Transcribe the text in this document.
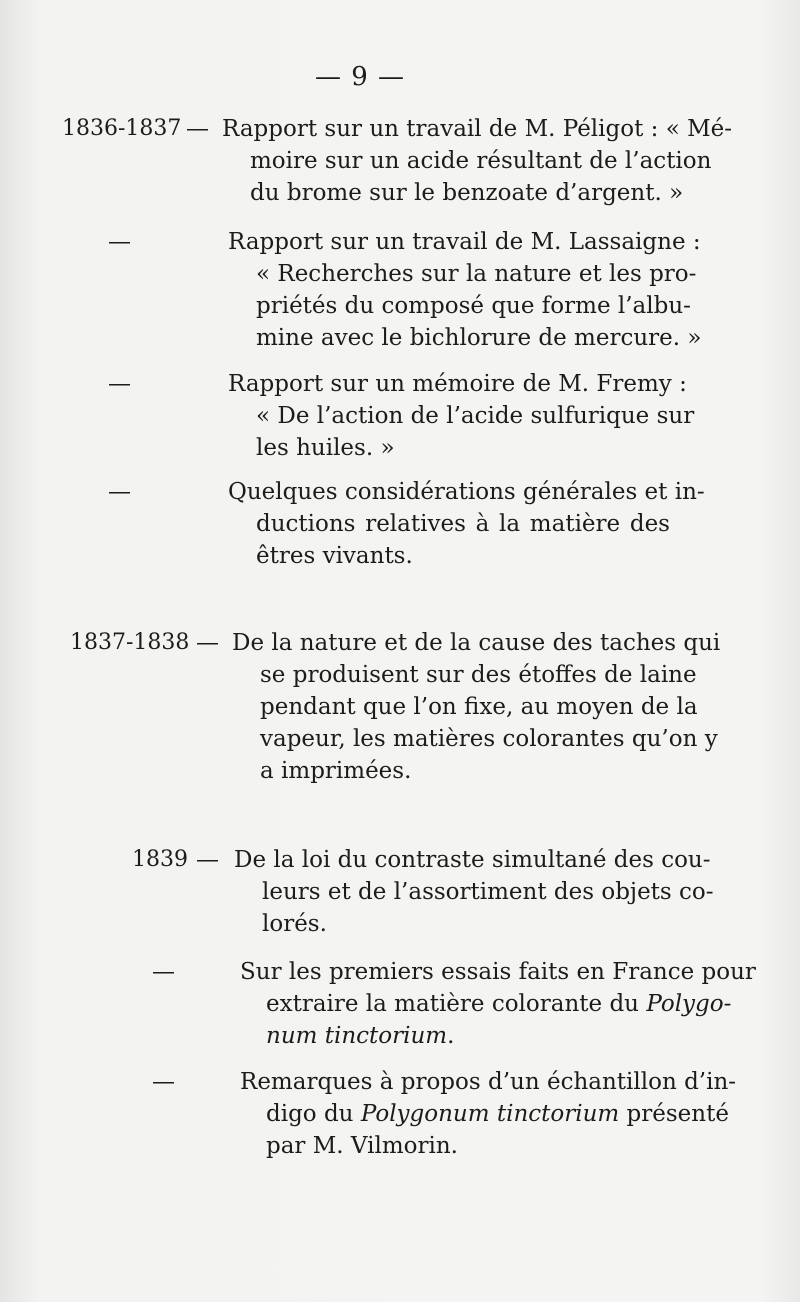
— 9 —
1836-1837 — Rapport sur un travail de M. Péligot : « Mé-
moire sur un acide résultant de l’action
du brome sur le benzoate d’argent. »
—	Rapport sur un travail de M. Lassaigne :
« Recherches sur la nature et les pro-
priétés du composé que forme l’albu-
mine avec le bichlorure de mercure. »
—	Rapport sur un mémoire de M. Fremy :
« De l’action de l’acide sulfurique sur
les huiles. »
—	Quelques considérations générales et in-
ductions relatives à la matière des
êtres vivants.
1837-1838 — De la nature et de la cause des taches qui
se produisent sur des étoffes de laine
pendant que l’on fixe, au moyen de la
vapeur, les matières colorantes qu’on y
a imprimées.
1839 — De la loi du contraste simultané des cou-
leurs et de l’assortiment des objets co-
lorés.
—	Sur les premiers essais faits en France pour
extraire la matière colorante du Polygo-
num tinctorium.
—	Remarques à propos d’un échantillon d’in-
digo du Polygonum tinctorium présenté
par M. Vilmorin.
